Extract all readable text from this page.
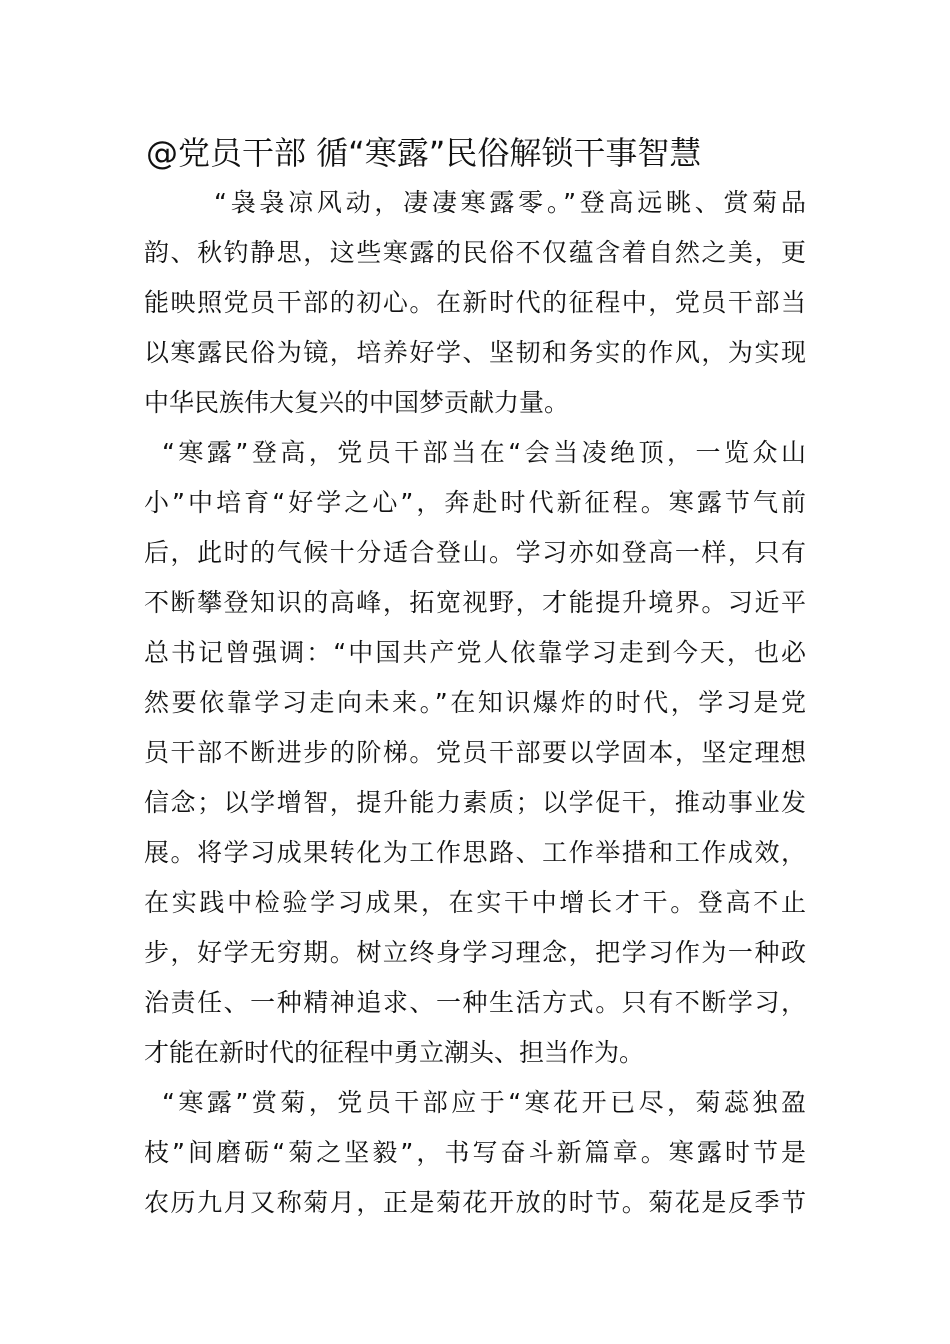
@党员干部 循“寒露”民俗解锁干事智慧
“袅袅凉风动，凄凄寒露零。”登高远眺、赏菊品
韵、秋钓静思，这些寒露的民俗不仅蕴含着自然之美，更
能映照党员干部的初心。在新时代的征程中，党员干部当
以寒露民俗为镜，培养好学、坚韧和务实的作风，为实现
中华民族伟大复兴的中国梦贡献力量。
“寒露”登高，党员干部当在“会当凌绝顶，一览众山
小”中培育“好学之心”，奔赴时代新征程。寒露节气前
后，此时的气候十分适合登山。学习亦如登高一样，只有
不断攀登知识的高峰，拓宽视野，才能提升境界。习近平
总书记曾强调：“中国共产党人依靠学习走到今天，也必
然要依靠学习走向未来。”在知识爆炸的时代，学习是党
员干部不断进步的阶梯。党员干部要以学固本，坚定理想
信念；以学增智，提升能力素质；以学促干，推动事业发
展。将学习成果转化为工作思路、工作举措和工作成效，
在实践中检验学习成果，在实干中增长才干。登高不止
步，好学无穷期。树立终身学习理念，把学习作为一种政
治责任、一种精神追求、一种生活方式。只有不断学习，
才能在新时代的征程中勇立潮头、担当作为。
“寒露”赏菊，党员干部应于“寒花开已尽，菊蕊独盈
枝”间磨砺“菊之坚毅”，书写奋斗新篇章。寒露时节是
农历九月又称菊月，正是菊花开放的时节。菊花是反季节
